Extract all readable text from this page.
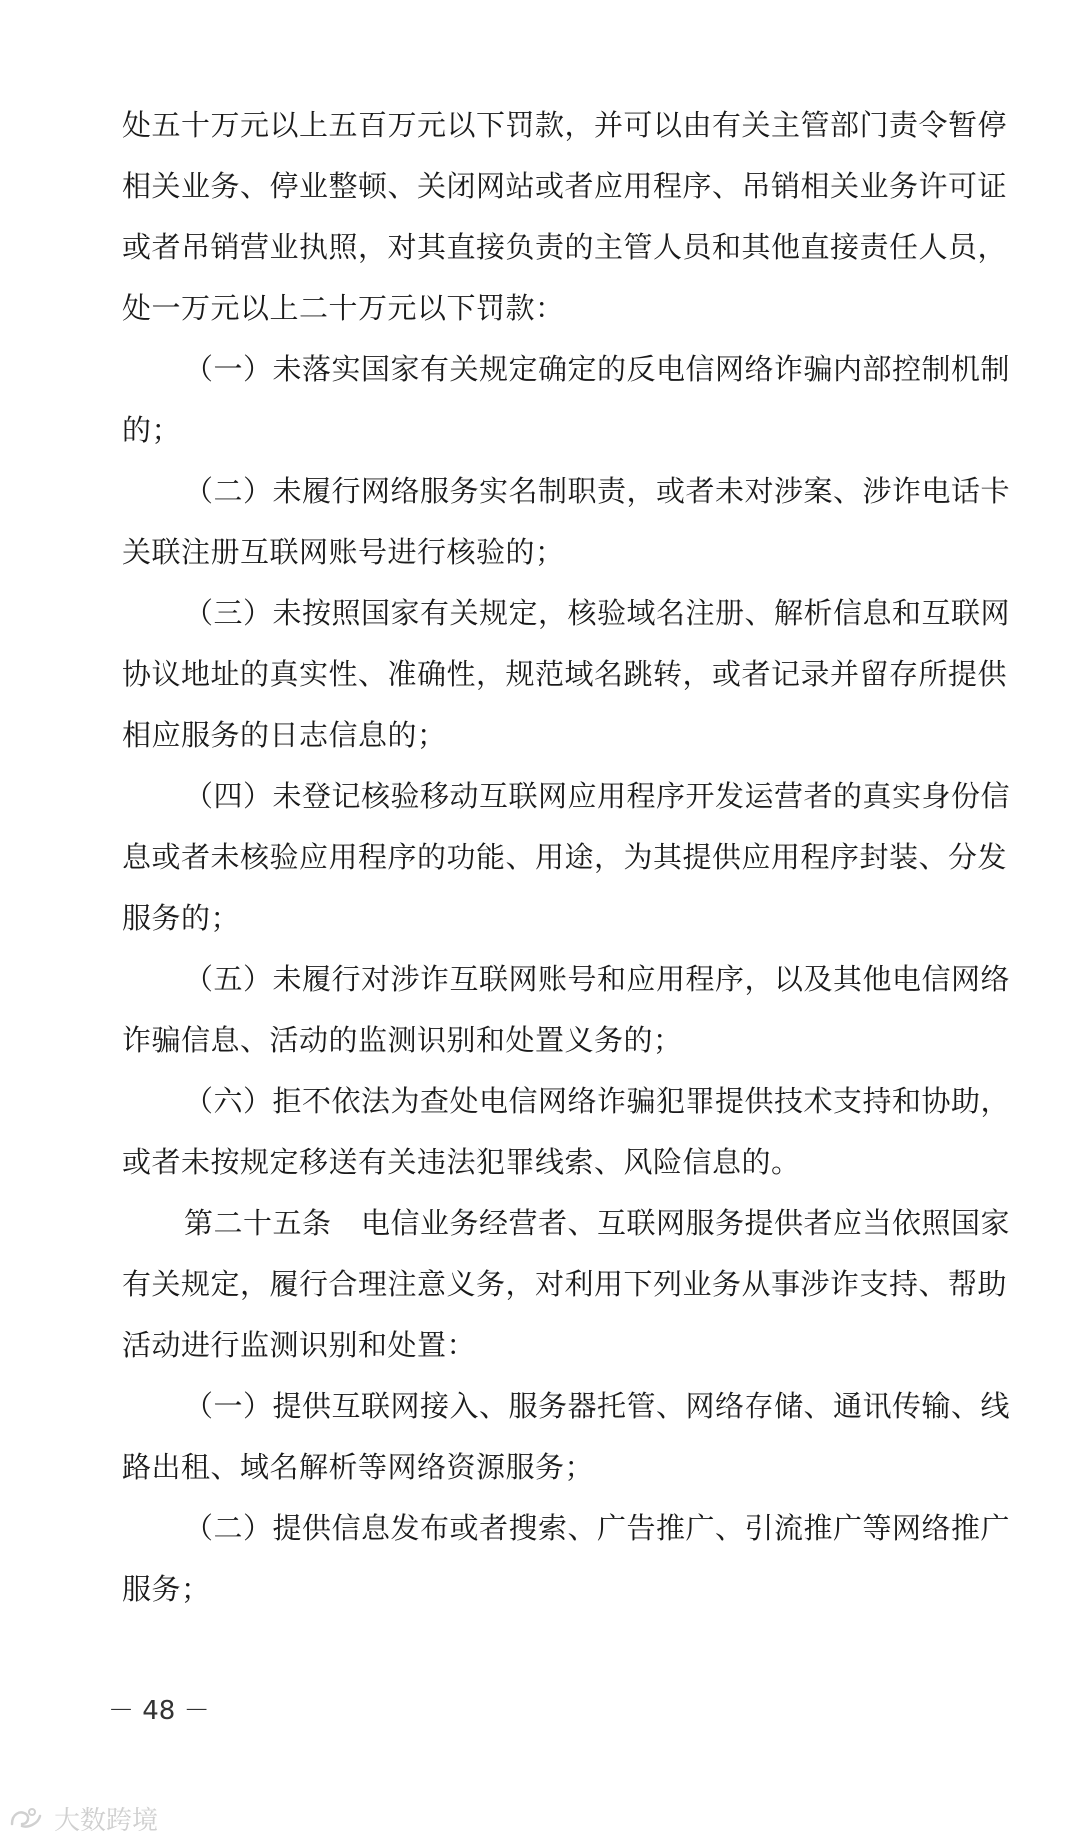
处五十万元以上五百万元以下罚款，并可以由有关主管部门责令暂停
相关业务、停业整顿、关闭网站或者应用程序、吊销相关业务许可证
或者吊销营业执照，对其直接负责的主管人员和其他直接责任人员，
处一万元以上二十万元以下罚款：
（一）未落实国家有关规定确定的反电信网络诈骗内部控制机制
的；
（二）未履行网络服务实名制职责，或者未对涉案、涉诈电话卡
关联注册互联网账号进行核验的；
（三）未按照国家有关规定，核验域名注册、解析信息和互联网
协议地址的真实性、准确性，规范域名跳转，或者记录并留存所提供
相应服务的日志信息的；
（四）未登记核验移动互联网应用程序开发运营者的真实身份信
息或者未核验应用程序的功能、用途，为其提供应用程序封装、分发
服务的；
（五）未履行对涉诈互联网账号和应用程序，以及其他电信网络
诈骗信息、活动的监测识别和处置义务的；
（六）拒不依法为查处电信网络诈骗犯罪提供技术支持和协助，
或者未按规定移送有关违法犯罪线索、风险信息的。
第二十五条　电信业务经营者、互联网服务提供者应当依照国家
有关规定，履行合理注意义务，对利用下列业务从事涉诈支持、帮助
活动进行监测识别和处置：
（一）提供互联网接入、服务器托管、网络存储、通讯传输、线
路出租、域名解析等网络资源服务；
（二）提供信息发布或者搜索、广告推广、引流推广等网络推广
服务；
－ 48 －
大数跨境
